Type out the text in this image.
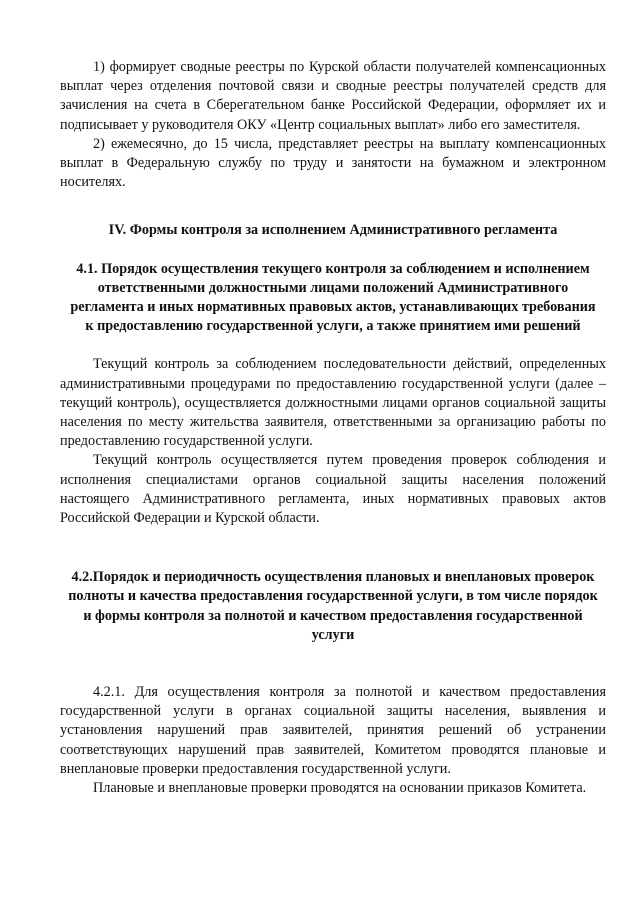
1) формирует сводные реестры по Курской области получателей компенсационных выплат через отделения почтовой связи и сводные реестры получателей средств для зачисления на счета в Сберегательном банке Российской Федерации, оформляет их и подписывает у руководителя ОКУ «Центр социальных выплат» либо его заместителя.

2) ежемесячно, до 15 числа, представляет реестры на выплату компенсационных выплат в Федеральную службу по труду и занятости на бумажном и электронном носителях.

IV. Формы контроля за исполнением Административного регламента

4.1. Порядок осуществления текущего контроля за соблюдением и исполнением ответственными должностными лицами положений Административного регламента и иных нормативных правовых актов, устанавливающих требования к предоставлению государственной услуги, а также принятием ими решений

Текущий контроль за соблюдением последовательности действий, определенных административными процедурами по предоставлению государственной услуги (далее – текущий контроль), осуществляется должностными лицами органов социальной защиты населения по месту жительства заявителя, ответственными за организацию работы по предоставлению государственной услуги.

Текущий контроль осуществляется путем проведения проверок соблюдения и исполнения специалистами органов социальной защиты населения положений настоящего Административного регламента, иных нормативных правовых актов Российской Федерации и Курской области.

4.2.Порядок и периодичность осуществления плановых и внеплановых проверок полноты и качества предоставления государственной услуги, в том числе порядок и формы контроля за полнотой и качеством предоставления государственной услуги

4.2.1. Для осуществления контроля за полнотой и качеством предоставления государственной услуги в органах социальной защиты населения, выявления и установления нарушений прав заявителей, принятия решений об устранении соответствующих нарушений прав заявителей, Комитетом проводятся плановые и внеплановые проверки предоставления государственной услуги.

Плановые и внеплановые проверки проводятся на основании приказов Комитета.
